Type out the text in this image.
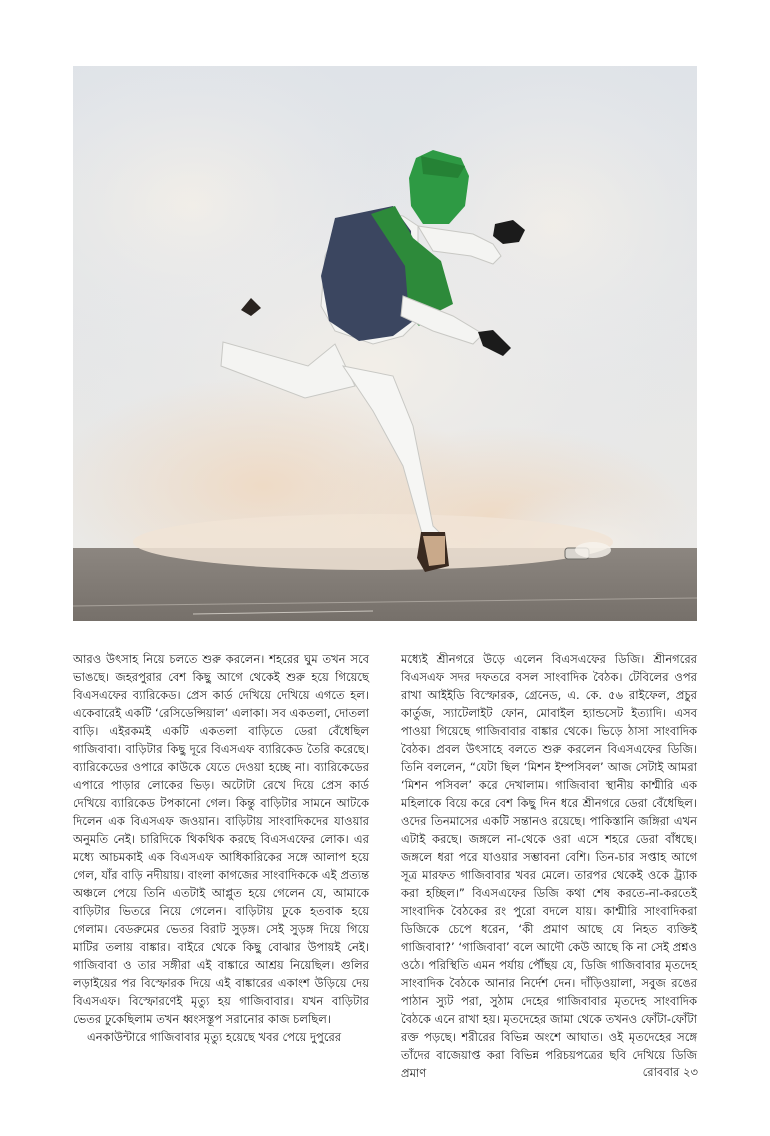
আরও উৎসাহ নিয়ে চলতে শুরু করলেন। শহরের ঘুম তখন সবে ভাঙছে। জহরপুরার বেশ কিছু আগে থেকেই শুরু হয়ে গিয়েছে বিএসএফের ব্যারিকেড। প্রেস কার্ড দেখিয়ে দেখিয়ে এগতে হল। একেবারেই একটি ‘রেসিডেন্সিয়াল’ এলাকা। সব একতলা, দোতলা বাড়ি। এইরকমই একটি একতলা বাড়িতে ডেরা বেঁধেছিল গাজিবাবা। বাড়িটার কিছু দূরে বিএসএফ ব্যারিকেড তৈরি করেছে। ব্যারিকেডের ওপারে কাউকে যেতে দেওয়া হচ্ছে না। ব্যারিকেডের এপারে পাড়ার লোকের ভিড়। অটোটা রেখে দিয়ে প্রেস কার্ড দেখিয়ে ব্যারিকেড টপকানো গেল। কিন্তু বাড়িটার সামনে আটকে দিলেন এক বিএসএফ জওয়ান। বাড়িটায় সাংবাদিকদের যাওয়ার অনুমতি নেই। চারিদিকে থিকথিক করছে বিএসএফের লোক। এর মধ্যে আচমকাই এক বিএসএফ আধিকারিকের সঙ্গে আলাপ হয়ে গেল, যাঁর বাড়ি নদীয়ায়। বাংলা কাগজের সাংবাদিককে এই প্রত্যন্ত অঞ্চলে পেয়ে তিনি এতটাই আপ্লুত হয়ে গেলেন যে, আমাকে বাড়িটার ভিতরে নিয়ে গেলেন। বাড়িটায় ঢুকে হতবাক হয়ে গেলাম। বেডরুমের ভেতর বিরাট সুড়ঙ্গ। সেই সুড়ঙ্গ দিয়ে গিয়ে মাটির তলায় বাঙ্কার। বাইরে থেকে কিছু বোঝার উপায়ই নেই। গাজিবাবা ও তার সঙ্গীরা এই বাঙ্কারে আশ্রয় নিয়েছিল। গুলির লড়াইয়ের পর বিস্ফোরক দিয়ে এই বাঙ্কারের একাংশ উড়িয়ে দেয় বিএসএফ। বিস্ফোরণেই মৃত্যু হয় গাজিবাবার। যখন বাড়িটার ভেতর ঢুকেছিলাম তখন ধ্বংসস্তূপ সরানোর কাজ চলছিল।

এনকাউন্টারে গাজিবাবার মৃত্যু হয়েছে খবর পেয়ে দুপুরের

মধ্যেই শ্রীনগরে উড়ে এলেন বিএসএফের ডিজি। শ্রীনগরের বিএসএফ সদর দফতরে বসল সাংবাদিক বৈঠক। টেবিলের ওপর রাখা আইইডি বিস্ফোরক, গ্রেনেড, এ. কে. ৫৬ রাইফেল, প্রচুর কার্তুজ, স্যাটেলাইট ফোন, মোবাইল হ্যান্ডসেট ইত্যাদি। এসব পাওয়া গিয়েছে গাজিবাবার বাঙ্কার থেকে। ভিড়ে ঠাসা সাংবাদিক বৈঠক। প্রবল উৎসাহে বলতে শুরু করলেন বিএসএফের ডিজি। তিনি বললেন, “যেটা ছিল ‘মিশন ইম্পসিবল’ আজ সেটাই আমরা ‘মিশন পসিবল’ করে দেখালাম। গাজিবাবা স্থানীয় কাশ্মীরি এক মহিলাকে বিয়ে করে বেশ কিছু দিন ধরে শ্রীনগরে ডেরা বেঁধেছিল। ওদের তিনমাসের একটি সন্তানও রয়েছে। পাকিস্তানি জঙ্গিরা এখন এটাই করছে। জঙ্গলে না-থেকে ওরা এসে শহরে ডেরা বাঁধছে। জঙ্গলে ধরা পরে যাওয়ার সম্ভাবনা বেশি। তিন-চার সপ্তাহ আগে সূত্র মারফত গাজিবাবার খবর মেলে। তারপর থেকেই ওকে ট্র্যাক করা হচ্ছিল।” বিএসএফের ডিজি কথা শেষ করতে-না-করতেই সাংবাদিক বৈঠকের রং পুরো বদলে যায়। কাশ্মীরি সাংবাদিকরা ডিজিকে চেপে ধরেন, ‘কী প্রমাণ আছে যে নিহত ব্যক্তিই গাজিবাবা?’ ‘গাজিবাবা’ বলে আদৌ কেউ আছে কি না সেই প্রশ্নও ওঠে। পরিস্থিতি এমন পর্যায় পৌঁছয় যে, ডিজি গাজিবাবার মৃতদেহ সাংবাদিক বৈঠকে আনার নির্দেশ দেন। দাঁড়িওয়ালা, সবুজ রঙের পাঠান স্যুট পরা, সুঠাম দেহের গাজিবাবার মৃতদেহ সাংবাদিক বৈঠকে এনে রাখা হয়। মৃতদেহের জামা থেকে তখনও ফোঁটা-ফোঁটা রক্ত পড়ছে। শরীরের বিভিন্ন অংশে আঘাত। ওই মৃতদেহের সঙ্গে তাঁদের বাজেয়াপ্ত করা বিভিন্ন পরিচয়পত্রের ছবি দেখিয়ে ডিজি প্রমাণ	রোববার ২৩
